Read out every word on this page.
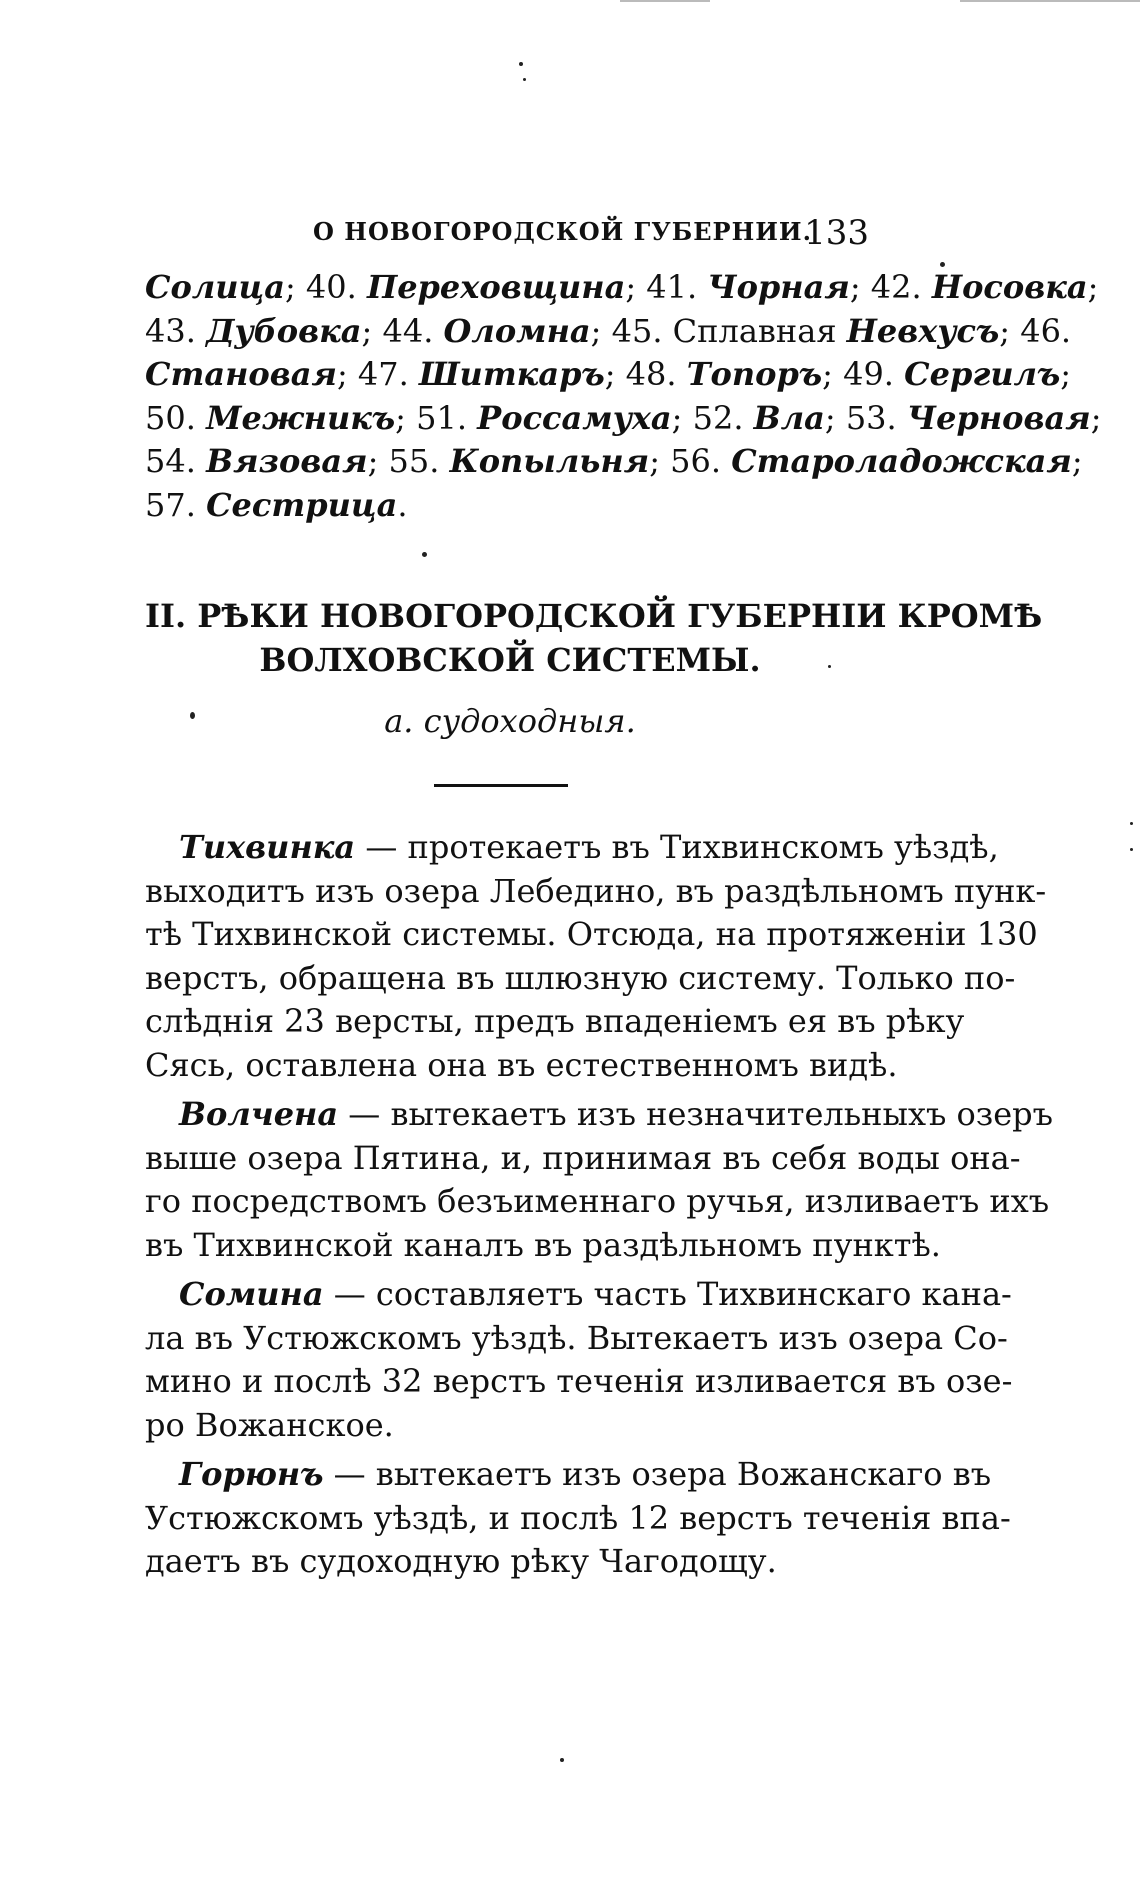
О НОВОГОРОДСКОЙ ГУБЕРНИИ.
133
Солица; 40. Переховщина; 41. Чорная; 42. Носовка;
43. Дубовка; 44. Оломна; 45. Сплавная Невхусъ; 46.
Становая; 47. Шиткаръ; 48. Топоръ; 49. Сергилъ;
50. Межникъ; 51. Россамуха; 52. Вла; 53. Черновая;
54. Вязовая; 55. Копыльня; 56. Староладожская;
57. Сестрица.
II. РѢКИ НОВОГОРОДСКОЙ ГУБЕРНІИ КРОМѢ
ВОЛХОВСКОЙ СИСТЕМЫ.
а. судоходныя.
Тихвинка — протекаетъ въ Тихвинскомъ уѣздѣ,
выходитъ изъ озера Лебедино, въ раздѣльномъ пунк-
тѣ Тихвинской системы. Отсюда, на протяженіи 130
верстъ, обращена въ шлюзную систему. Только по-
слѣднія 23 версты, предъ впаденіемъ ея въ рѣку
Сясь, оставлена она въ естественномъ видѣ.
Волчена — вытекаетъ изъ незначительныхъ озеръ
выше озера Пятина, и, принимая въ себя воды она-
го посредствомъ безъименнаго ручья, изливаетъ ихъ
въ Тихвинской каналъ въ раздѣльномъ пунктѣ.
Сомина — составляетъ часть Тихвинскаго кана-
ла въ Устюжскомъ уѣздѣ. Вытекаетъ изъ озера Со-
мино и послѣ 32 верстъ теченія изливается въ озе-
ро Вожанское.
Горюнъ — вытекаетъ изъ озера Вожанскаго въ
Устюжскомъ уѣздѣ, и послѣ 12 верстъ теченія впа-
даетъ въ судоходную рѣку Чагодощу.
